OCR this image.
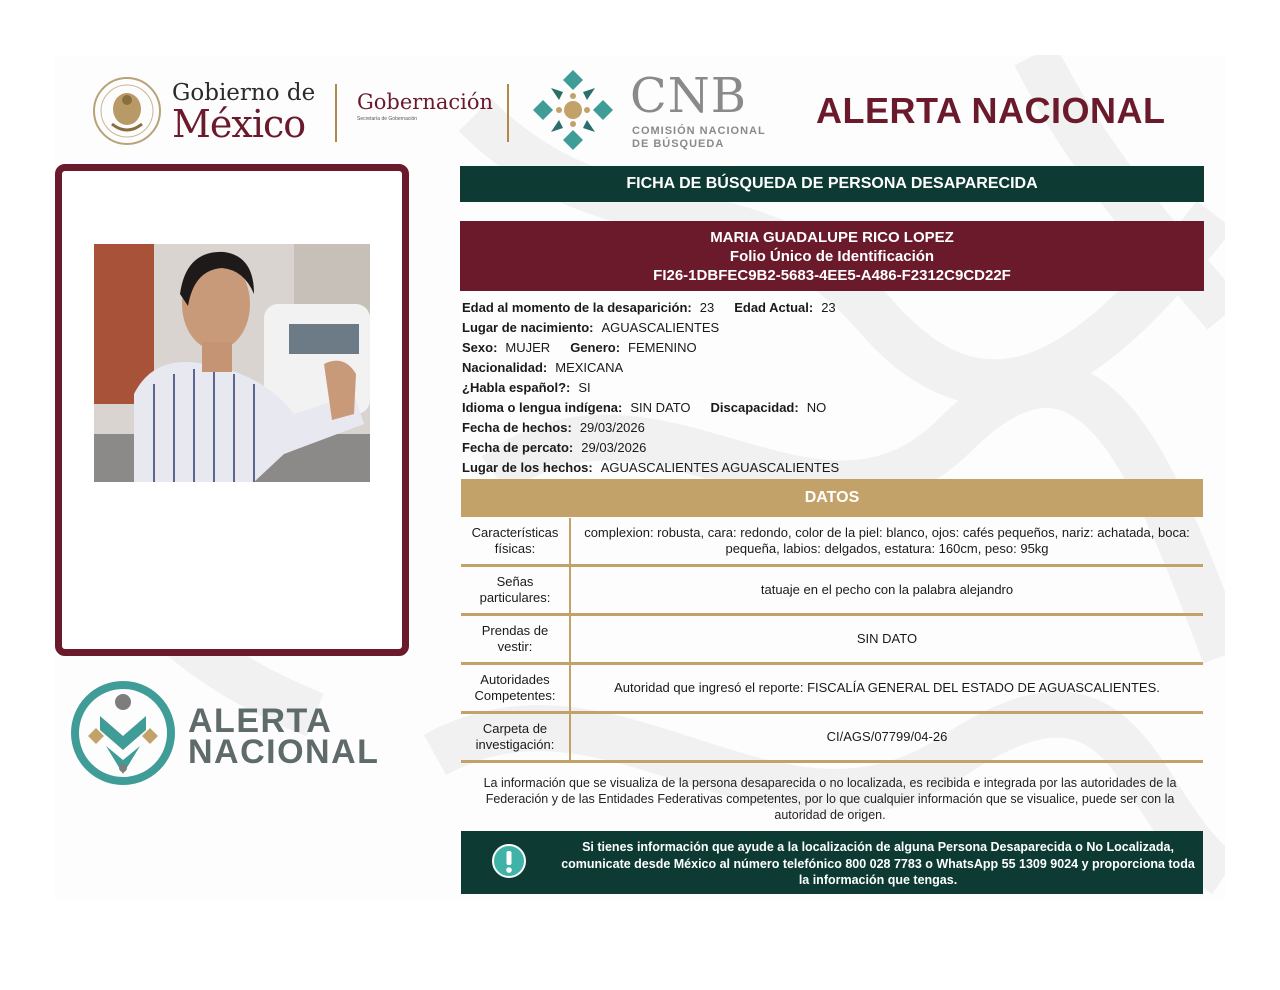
Gobierno de
México Gobernación
Secretaría de Gobernación	CNB
COMISIÓN NACIONAL
DE BÚSQUEDA
ALERTA NACIONAL
ALERTA
NACIONAL
FICHA DE BÚSQUEDA DE PERSONA DESAPARECIDA
MARIA GUADALUPE RICO LOPEZ
Folio Único de Identificación
FI26-1DBFEC9B2-5683-4EE5-A486-F2312C9CD22F
Edad al momento de la desaparición: 23 Edad Actual: 23
Lugar de nacimiento: AGUASCALIENTES
Sexo: MUJER Genero: FEMENINO
Nacionalidad: MEXICANA
¿Habla español?: SI
Idioma o lengua indígena: SIN DATO Discapacidad: NO
Fecha de hechos: 29/03/2026
Fecha de percato: 29/03/2026
Lugar de los hechos: AGUASCALIENTES AGUASCALIENTES
DATOS
Características físicas:
complexion: robusta, cara: redondo, color de la piel: blanco, ojos: cafés pequeños, nariz: achatada, boca: pequeña, labios: delgados, estatura: 160cm, peso: 95kg
Señas particulares:
tatuaje en el pecho con la palabra alejandro
Prendas de vestir:
SIN DATO
Autoridades Competentes:
Autoridad que ingresó el reporte: FISCALÍA GENERAL DEL ESTADO DE AGUASCALIENTES.
Carpeta de investigación:
CI/AGS/07799/04-26
La información que se visualiza de la persona desaparecida o no localizada, es recibida e integrada por las autoridades de la Federación y de las Entidades Federativas competentes, por lo que cualquier información que se visualice, puede ser con la autoridad de origen.
Si tienes información que ayude a la localización de alguna Persona Desaparecida o No Localizada, comunicate desde México al número telefónico 800 028 7783 o WhatsApp 55 1309 9024 y proporciona toda la información que tengas.
